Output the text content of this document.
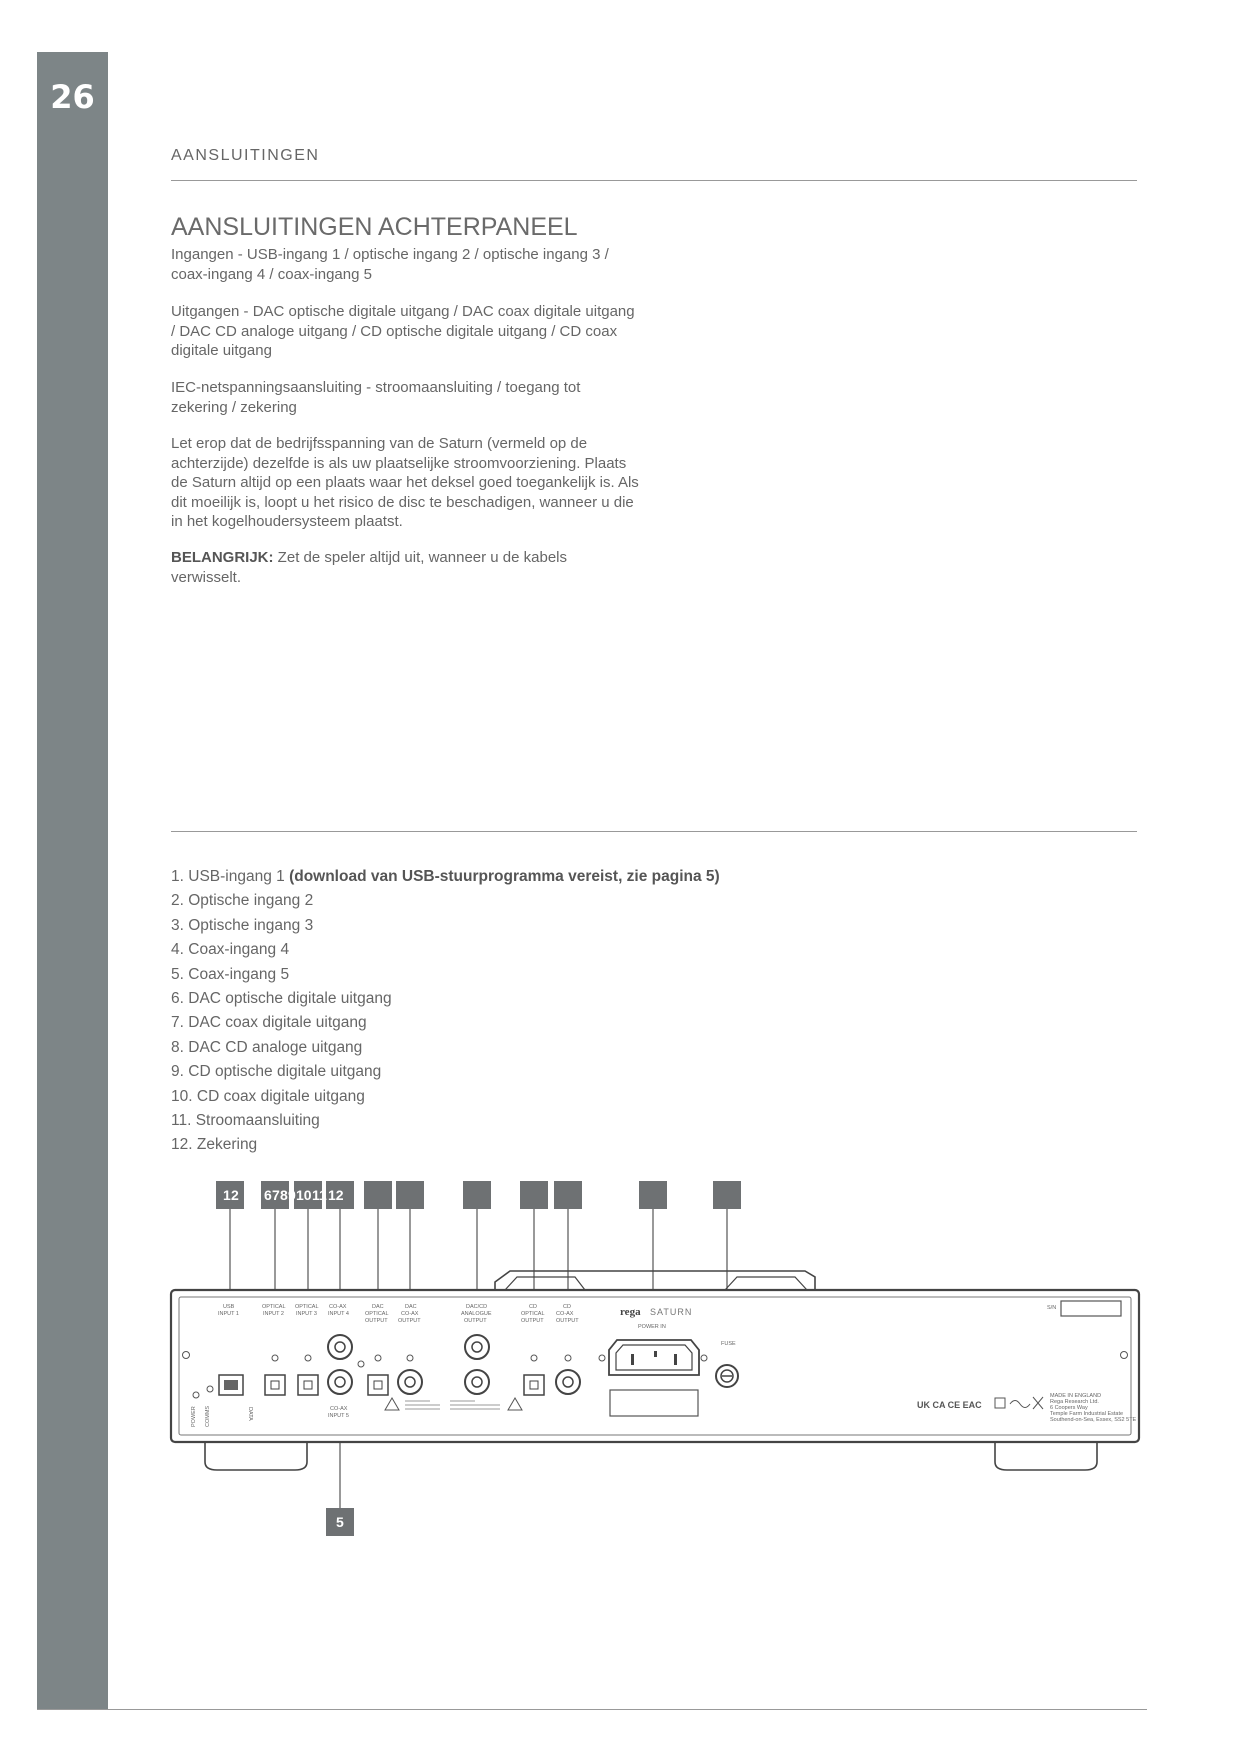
26
AANSLUITINGEN
AANSLUITINGEN ACHTERPANEEL

Ingangen - USB-ingang 1 / optische ingang 2 / optische ingang 3 / coax-ingang 4 / coax-ingang 5

Uitgangen - DAC optische digitale uitgang / DAC coax digitale uitgang / DAC CD analoge uitgang / CD optische digitale uitgang / CD coax digitale uitgang

IEC-netspanningsaansluiting - stroomaansluiting / toegang tot zekering / zekering

Let erop dat de bedrijfsspanning van de Saturn (vermeld op de achterzijde) dezelfde is als uw plaatselijke stroomvoorziening. Plaats de Saturn altijd op een plaats waar het deksel goed toegankelijk is. Als dit moeilijk is, loopt u het risico de disc te beschadigen, wanneer u die in het kogelhoudersysteem plaatst.

BELANGRIJK: Zet de speler altijd uit, wanneer u de kabels verwisselt.

1. USB-ingang 1 (download van USB-stuurprogramma vereist, zie pagina 5)
2. Optische ingang 2
3. Optische ingang 3
4. Coax-ingang 4
5. Coax-ingang 5
6. DAC optische digitale uitgang
7. DAC coax digitale uitgang
8. DAC CD analoge uitgang
9. CD optische digitale uitgang
10. CD coax digitale uitgang
11. Stroomaansluiting
12. Zekering
1 2 6 7 8 9 10 11 12
5
USB
INPUT 1
OPTICAL
INPUT 2
OPTICAL
INPUT 3
CO-AX
INPUT 4
DAC
OPTICAL
OUTPUT
DAC
CO-AX
OUTPUT
DAC/CD
ANALOGUE
OUTPUT
CD
OPTICAL
OUTPUT
CD
CO-AX
OUTPUT
CO-AX
INPUT 5
POWER COMMS	DATA
rega SATURN
POWER IN
FUSE
S/N
UK CA CE EAC
MADE IN ENGLAND
Rega Research Ltd.
6 Coopers Way
Temple Farm Industrial Estate
Southend-on-Sea, Essex, SS2 5TE
